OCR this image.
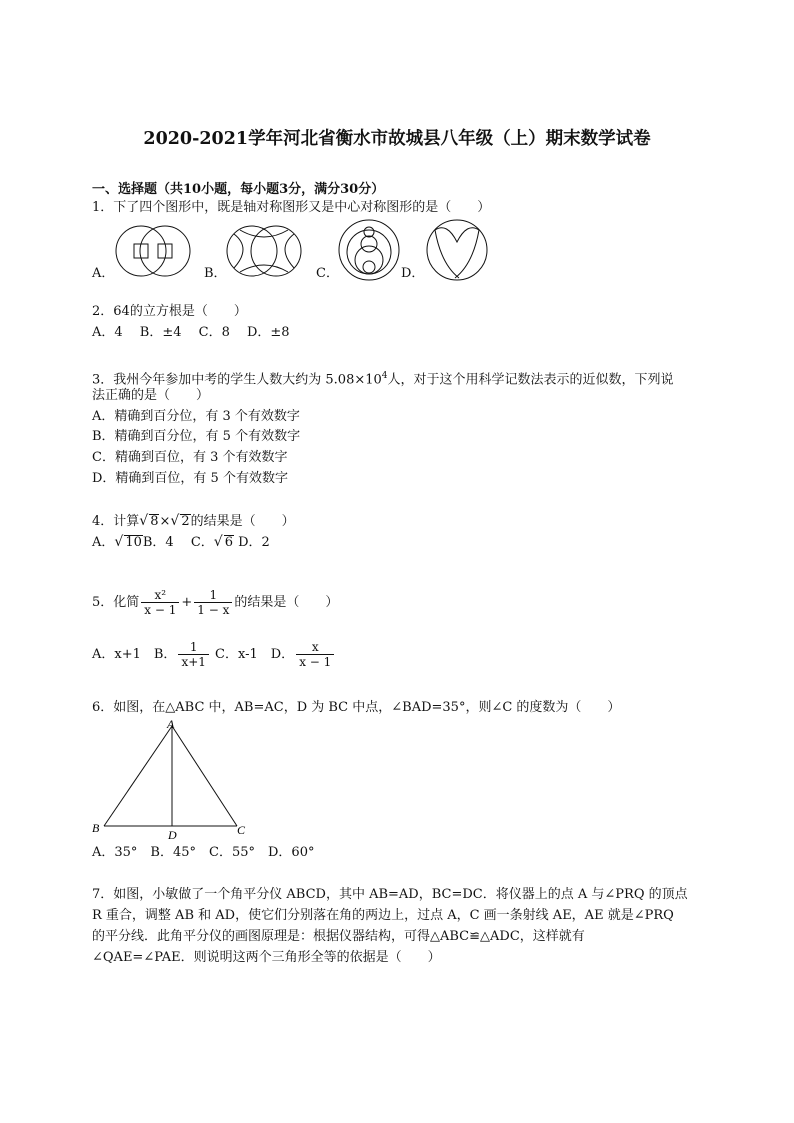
2020-2021学年河北省衡水市故城县八年级（上）期末数学试卷
一、选择题（共10小题，每小题3分，满分30分）
1．下了四个图形中，既是轴对称图形又是中心对称图形的是（　　）
A．	B．	C．	D．
2．64的立方根是（　　）
A．4　 B．±4　 C．8　 D．±8
3．我州今年参加中考的学生人数大约为 $5.08\times 10^4$人，对于这个用科学记数法表示的近似数，下列说
法正确的是（　　）
A．精确到百分位，有 3 个有效数字
B．精确到百分位，有 5 个有效数字
C．精确到百位，有 3 个有效数字
D．精确到百位，有 5 个有效数字
4．计算√ 8×√ 2的结果是（　　）
A．√ 10B．4　 C．√ 6 D．2
5．化简 $\frac{\text{x²}}{x - 1} + \frac{1}{1 - x}$ 的结果是（　　）
A．x+1　B． $\frac{1}{x+1}$ C．x-1　D． $\frac{x}{x - 1}$
6．如图，在△ABC 中，AB=AC，D 为 BC 中点，∠BAD=35°，则∠C 的度数为（　　）
A
B	C
D
A．35°　B．45°　C．55°　D．60°
7．如图，小敏做了一个角平分仪 ABCD，其中 AB=AD，BC=DC．将仪器上的点 A 与∠PRQ 的顶点
R 重合，调整 AB 和 AD，使它们分别落在角的两边上，过点 A，C 画一条射线 AE，AE 就是∠PRQ
的平分线．此角平分仪的画图原理是：根据仪器结构，可得△ABC≌△ADC，这样就有
∠QAE=∠PAE．则说明这两个三角形全等的依据是（　　）
